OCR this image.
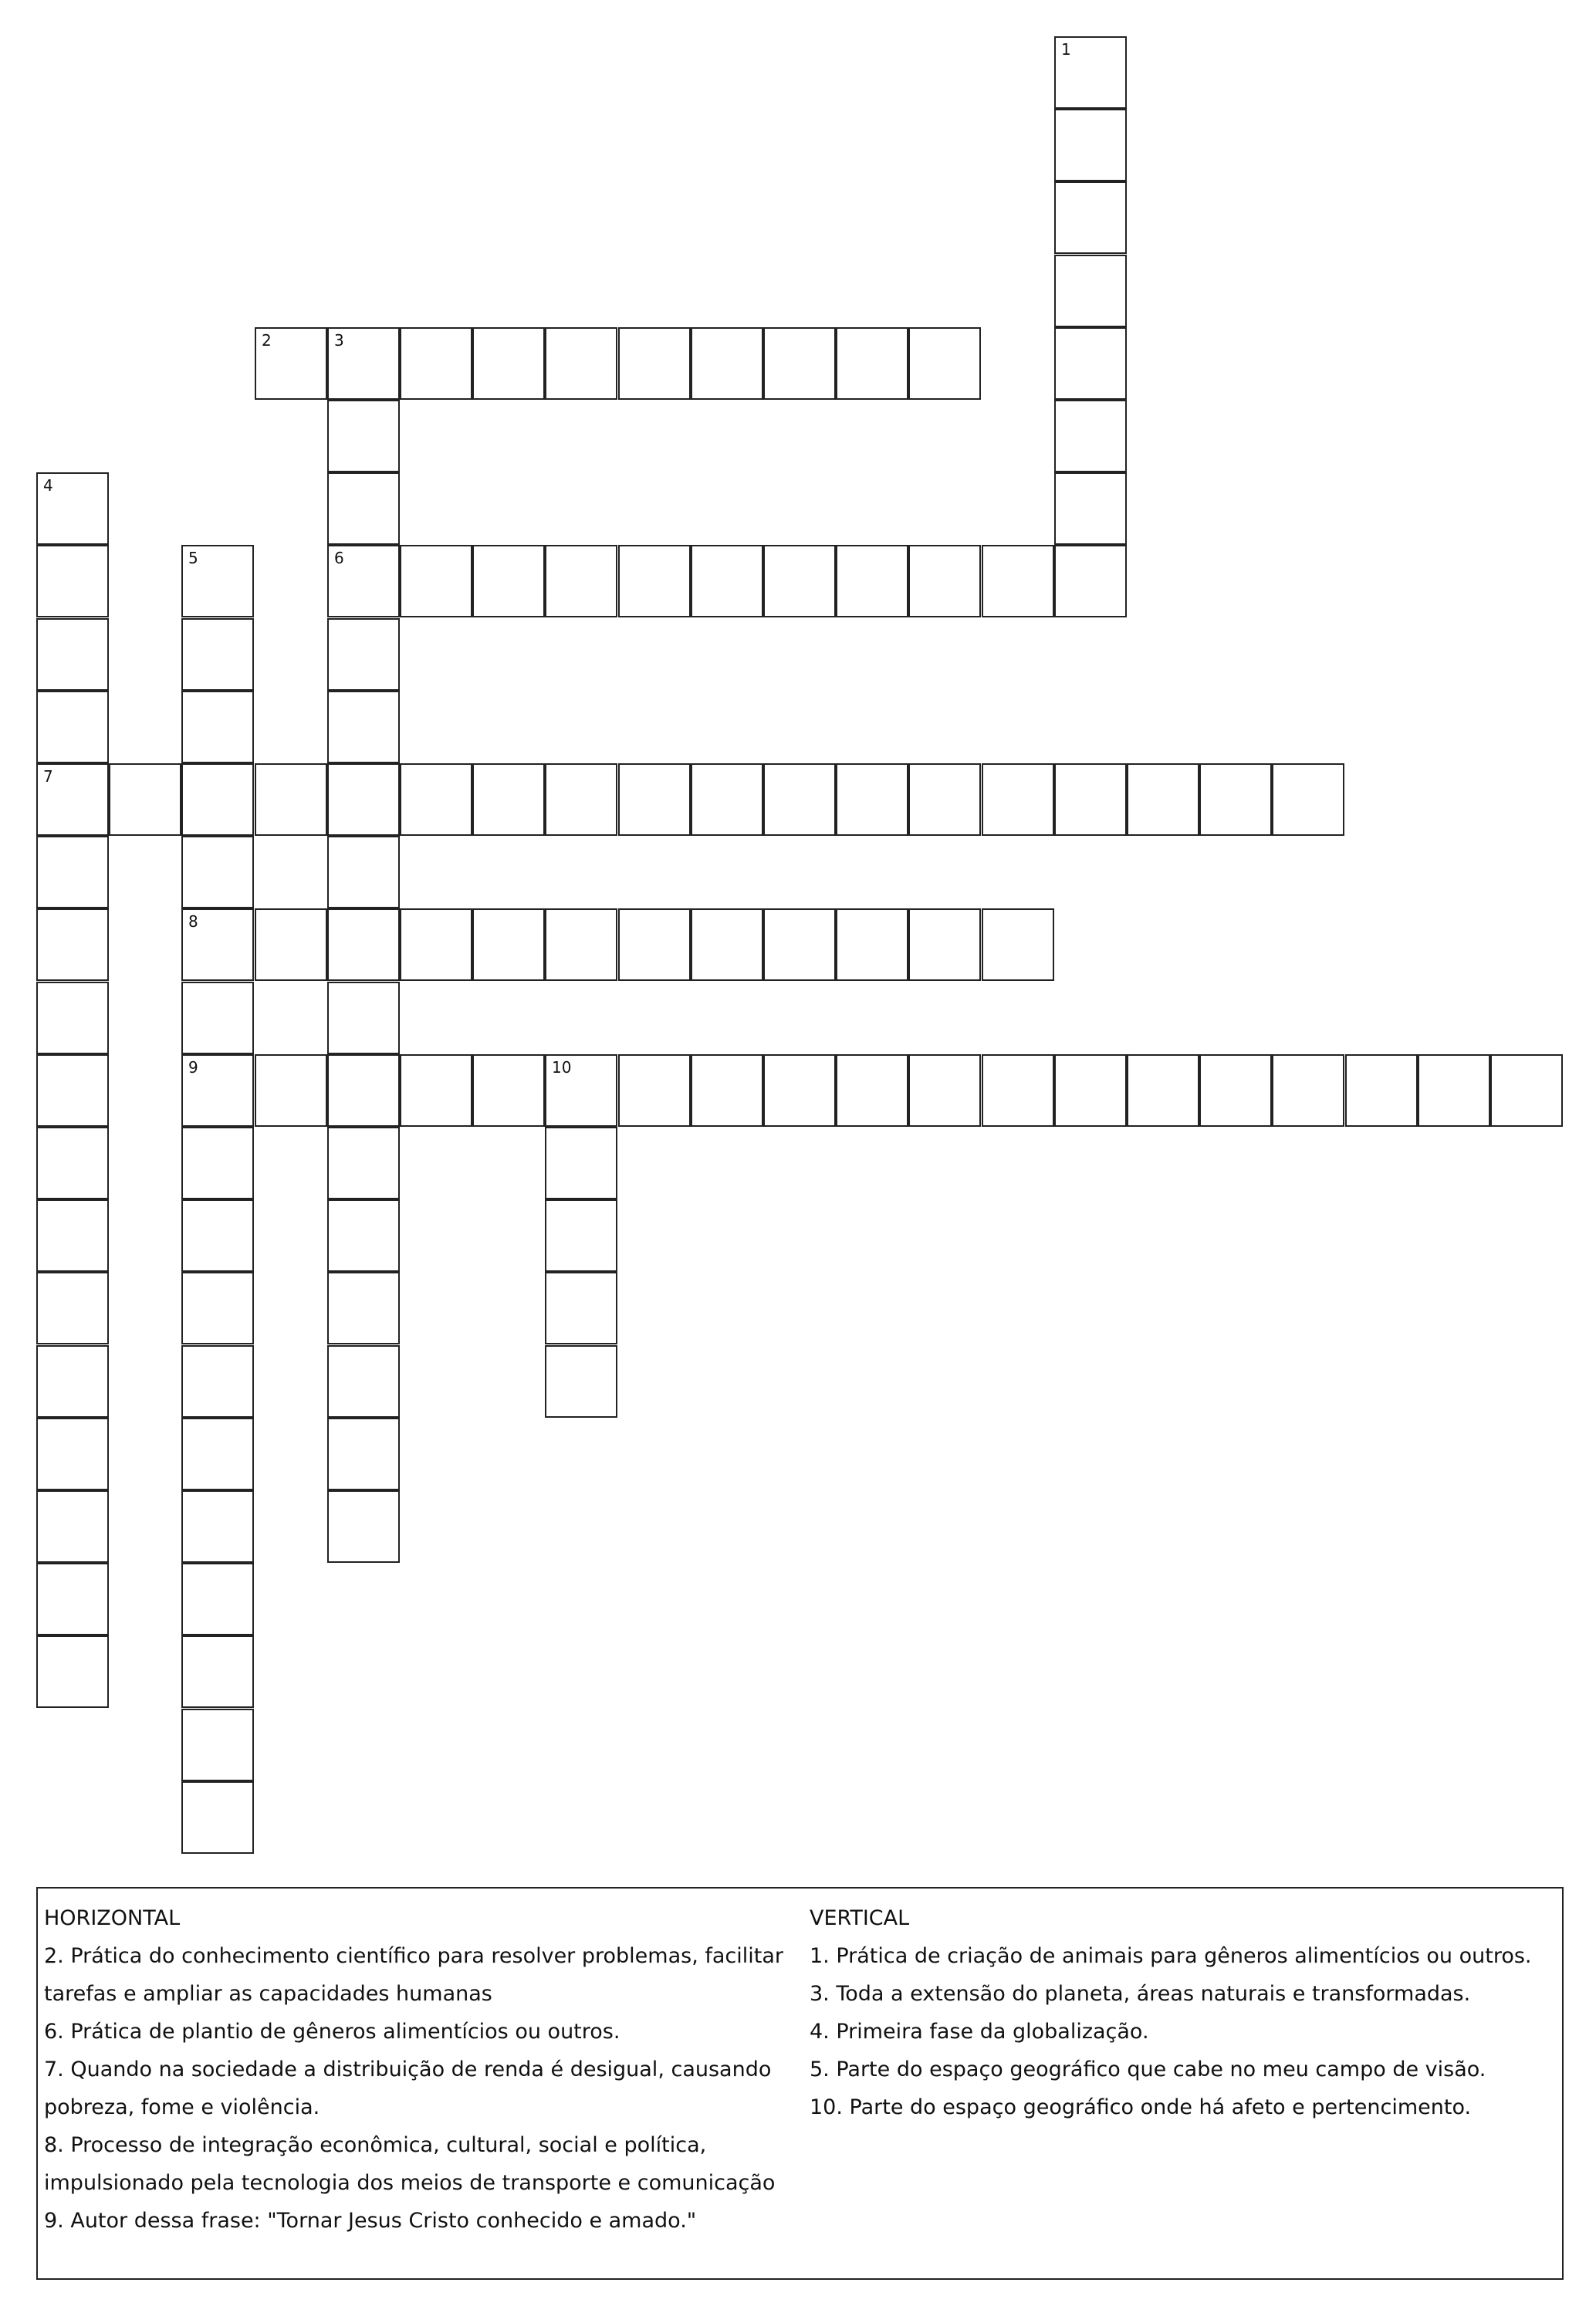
1
2	3
6
4
7
5
8
9	10
HORIZONTAL
2. Prática do conhecimento científico para resolver problemas, facilitar tarefas e ampliar as capacidades humanas
6. Prática de plantio de gêneros alimentícios ou outros.
7. Quando na sociedade a distribuição de renda é desigual, causando pobreza, fome e violência.
8. Processo de integração econômica, cultural, social e política, impulsionado pela tecnologia dos meios de transporte e comunicação
9. Autor dessa frase: "Tornar Jesus Cristo conhecido e amado."
VERTICAL
1. Prática de criação de animais para gêneros alimentícios ou outros.
3. Toda a extensão do planeta, áreas naturais e transformadas.
4. Primeira fase da globalização.
5. Parte do espaço geográfico que cabe no meu campo de visão.
10. Parte do espaço geográfico onde há afeto e pertencimento.
